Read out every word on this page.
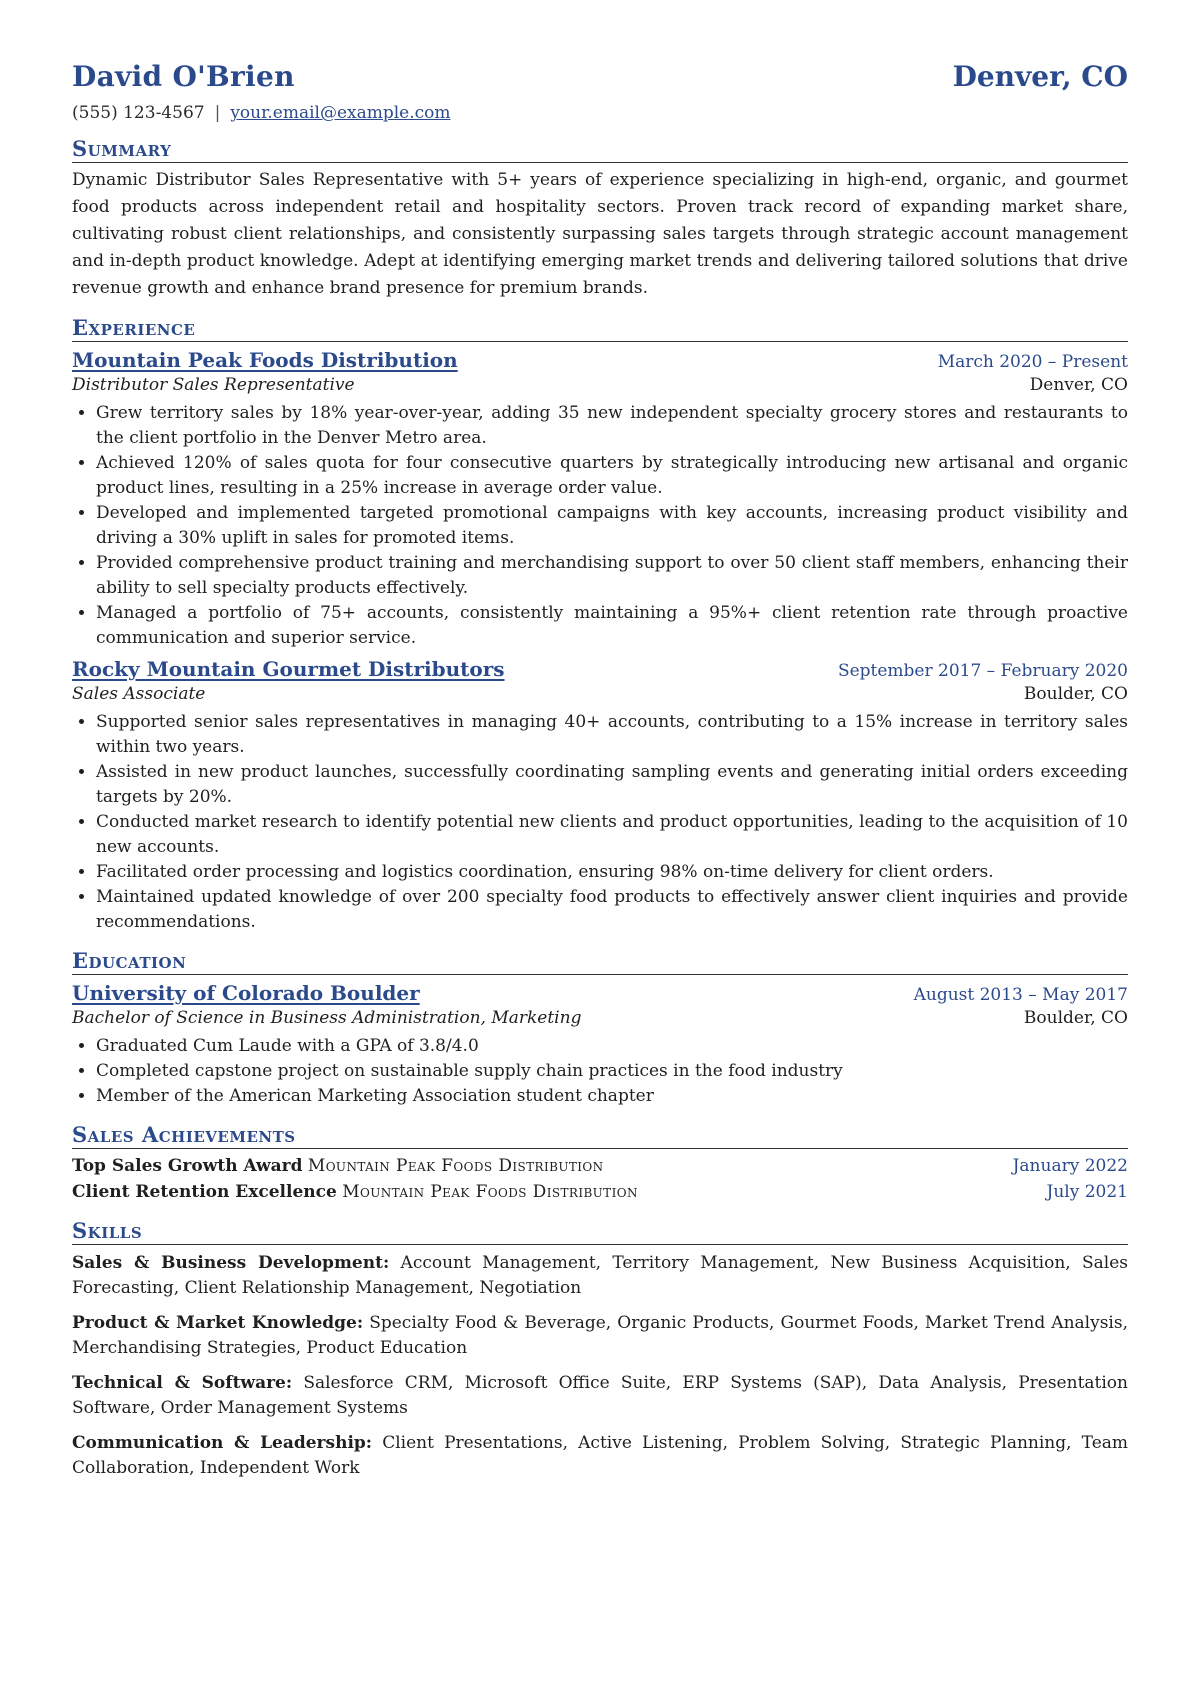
David O'Brien	Denver, CO
(555) 123-4567 | your.email@example.com
Summary
Dynamic Distributor Sales Representative with 5+ years of experience specializing in high-end, organic, and gourmet food products across independent retail and hospitality sectors. Proven track record of expanding market share, cultivating robust client relationships, and consistently surpassing sales targets through strategic account management and in-depth product knowledge. Adept at identifying emerging market trends and delivering tailored solutions that drive revenue growth and enhance brand presence for premium brands.
Experience
Mountain Peak Foods Distribution	March 2020 – Present
Distributor Sales Representative	Denver, CO
• Grew territory sales by 18% year-over-year, adding 35 new independent specialty grocery stores and restaurants to the client portfolio in the Denver Metro area.
• Achieved 120% of sales quota for four consecutive quarters by strategically introducing new artisanal and organic product lines, resulting in a 25% increase in average order value.
• Developed and implemented targeted promotional campaigns with key accounts, increasing product visibility and driving a 30% uplift in sales for promoted items.
• Provided comprehensive product training and merchandising support to over 50 client staff members, enhancing their ability to sell specialty products effectively.
• Managed a portfolio of 75+ accounts, consistently maintaining a 95%+ client retention rate through proactive communication and superior service.
Rocky Mountain Gourmet Distributors	September 2017 – February 2020
Sales Associate	Boulder, CO
• Supported senior sales representatives in managing 40+ accounts, contributing to a 15% increase in territory sales within two years.
• Assisted in new product launches, successfully coordinating sampling events and generating initial orders exceeding targets by 20%.
• Conducted market research to identify potential new clients and product opportunities, leading to the acquisition of 10 new accounts.
• Facilitated order processing and logistics coordination, ensuring 98% on-time delivery for client orders.
• Maintained updated knowledge of over 200 specialty food products to effectively answer client inquiries and provide recommendations.
Education
University of Colorado Boulder	August 2013 – May 2017
Bachelor of Science in Business Administration, Marketing	Boulder, CO
• Graduated Cum Laude with a GPA of 3.8/4.0
• Completed capstone project on sustainable supply chain practices in the food industry
• Member of the American Marketing Association student chapter
Sales Achievements
Top Sales Growth Award Mountain Peak Foods Distribution	January 2022
Client Retention Excellence Mountain Peak Foods Distribution	July 2021
Skills
Sales & Business Development: Account Management, Territory Management, New Business Acquisition, Sales Forecasting, Client Relationship Management, Negotiation
Product & Market Knowledge: Specialty Food & Beverage, Organic Products, Gourmet Foods, Market Trend Analysis, Merchandising Strategies, Product Education
Technical & Software: Salesforce CRM, Microsoft Office Suite, ERP Systems (SAP), Data Analysis, Presentation Software, Order Management Systems
Communication & Leadership: Client Presentations, Active Listening, Problem Solving, Strategic Planning, Team Collaboration, Independent Work
